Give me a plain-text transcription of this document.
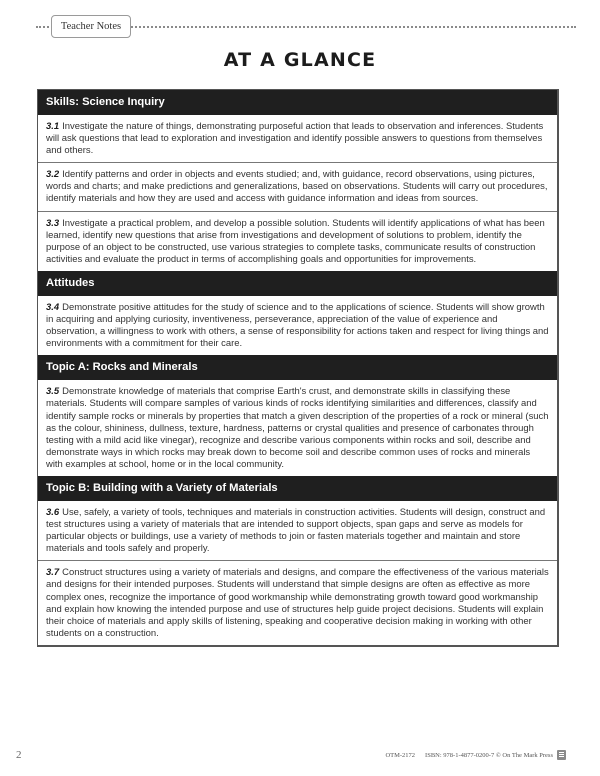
Teacher Notes
AT A GLANCE
Skills: Science Inquiry
3.1 Investigate the nature of things, demonstrating purposeful action that leads to observation and inferences. Students will ask questions that lead to exploration and investigation and identify possible answers to questions from themselves and others.
3.2 Identify patterns and order in objects and events studied; and, with guidance, record observations, using pictures, words and charts; and make predictions and generalizations, based on observations. Students will carry out procedures, identify materials and how they are used and access with guidance information and ideas from sources.
3.3 Investigate a practical problem, and develop a possible solution. Students will identify applications of what has been learned, identify new questions that arise from investigations and development of solutions to problem, identify the purpose of an object to be constructed, use various strategies to complete tasks, communicate results of construction activities and evaluate the product in terms of accomplishing goals and opportunities for improvements.
Attitudes
3.4 Demonstrate positive attitudes for the study of science and to the applications of science. Students will show growth in acquiring and applying curiosity, inventiveness, perseverance, appreciation of the value of experience and observation, a willingness to work with others, a sense of responsibility for actions taken and respect for living things and environments with a commitment for their care.
Topic A: Rocks and Minerals
3.5 Demonstrate knowledge of materials that comprise Earth's crust, and demonstrate skills in classifying these materials. Students will compare samples of various kinds of rocks identifying similarities and differences, classify and identify sample rocks or minerals by properties that match a given description of the properties of a rock or mineral (such as the colour, shininess, dullness, texture, hardness, patterns or crystal qualities and presence of carbonates through testing with a mild acid like vinegar), recognize and describe various components within rocks and soil, describe and demonstrate ways in which rocks may break down to become soil and describe common uses of rocks and minerals with examples at school, home or in the local community.
Topic B: Building with a Variety of Materials
3.6 Use, safely, a variety of tools, techniques and materials in construction activities. Students will design, construct and test structures using a variety of materials that are intended to support objects, span gaps and serve as models for particular objects or buildings, use a variety of methods to join or fasten materials together and maintain and store materials and tools safely and properly.
3.7 Construct structures using a variety of materials and designs, and compare the effectiveness of the various materials and designs for their intended purposes. Students will understand that simple designs are often as effective as more complex ones, recognize the importance of good workmanship while demonstrating growth toward good workmanship and explain how knowing the intended purpose and use of structures help guide project decisions. Students will explain their choice of materials and apply skills of listening, speaking and cooperative decision making in working with other students on a construction.
2	OTM-2172 ISBN: 978-1-4877-0200-7 © On The Mark Press
